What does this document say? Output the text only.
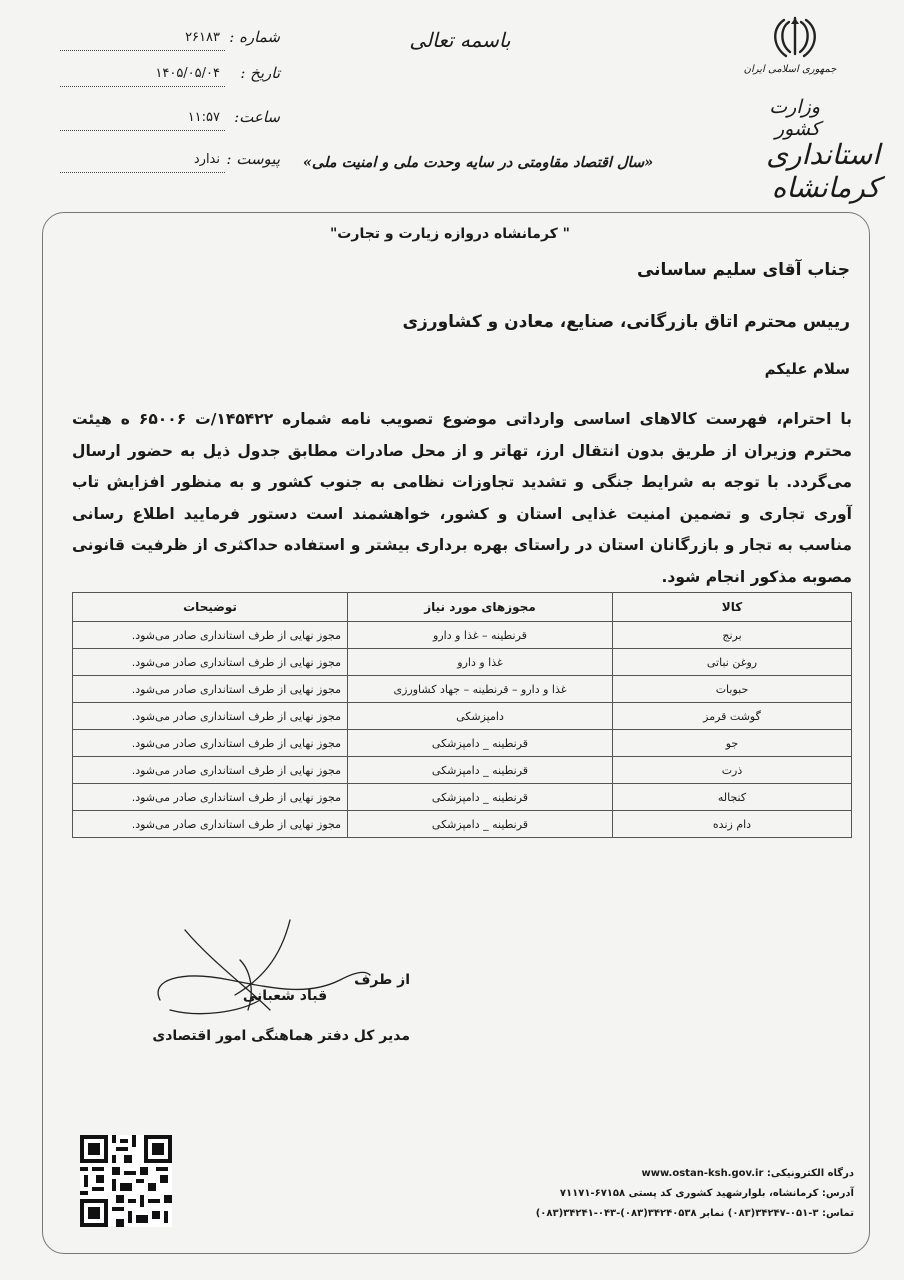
جمهوری اسلامی ایران
وزارت کشور
استانداری کرمانشاه
باسمه تعالی
«سال اقتصاد مقاومتی در سایه وحدت ملی و امنیت ملی»
شماره :
۲۶۱۸۳
تاریخ :
۱۴۰۵/۰۵/۰۴
ساعت:
۱۱:۵۷
پیوست :
ندارد
" کرمانشاه دروازه زیارت و تجارت"
جناب آقای سلیم ساسانی
رییس محترم اتاق بازرگانی، صنایع، معادن و کشاورزی
سلام علیکم
با احترام، فهرست کالاهای اساسی وارداتی موضوع تصویب نامه شماره ۱۴۵۴۲۲/ت ۶۵۰۰۶ ه هیئت محترم وزیران از طریق بدون انتقال ارز، تهاتر و از محل صادرات مطابق جدول ذیل به حضور ارسال می‌گردد. با توجه به شرایط جنگی و تشدید تجاوزات نظامی به جنوب کشور و به منظور افزایش تاب آوری تجاری و تضمین امنیت غذایی استان و کشور، خواهشمند است دستور فرمایید اطلاع رسانی مناسب به تجار و بازرگانان استان در راستای بهره برداری بیشتر و استفاده حداکثری از ظرفیت قانونی مصوبه مذکور انجام شود.
کالا	مجوزهای مورد نیاز	توضیحات
برنج	قرنطینه – غذا و دارو	مجوز نهایی از طرف استانداری صادر می‌شود.
روغن نباتی	غذا و دارو	مجوز نهایی از طرف استانداری صادر می‌شود.
حبوبات	غذا و دارو – قرنطینه – جهاد کشاورزی	مجوز نهایی از طرف استانداری صادر می‌شود.
گوشت قرمز	دامپزشکی	مجوز نهایی از طرف استانداری صادر می‌شود.
جو	قرنطینه _ دامپزشکی	مجوز نهایی از طرف استانداری صادر می‌شود.
ذرت	قرنطینه _ دامپزشکی	مجوز نهایی از طرف استانداری صادر می‌شود.
کنجاله	قرنطینه _ دامپزشکی	مجوز نهایی از طرف استانداری صادر می‌شود.
دام زنده	قرنطینه _ دامپزشکی	مجوز نهایی از طرف استانداری صادر می‌شود.
از طرف
قباد شعبانی
مدیر کل دفتر هماهنگی امور اقتصادی
درگاه الکترونیکی: www.ostan-ksh.gov.ir
آدرس: کرمانشاه، بلوارشهید کشوری کد پستی ۶۷۱۵۸-۷۱۱۷۱
تماس: ۳-۰۵۱-۳۴۲۴۷(۰۸۳) نمابر ۳۴۲۴۰۵۳۸(۰۸۳)-۰۴۳-۳۴۲۴۱(۰۸۳)
